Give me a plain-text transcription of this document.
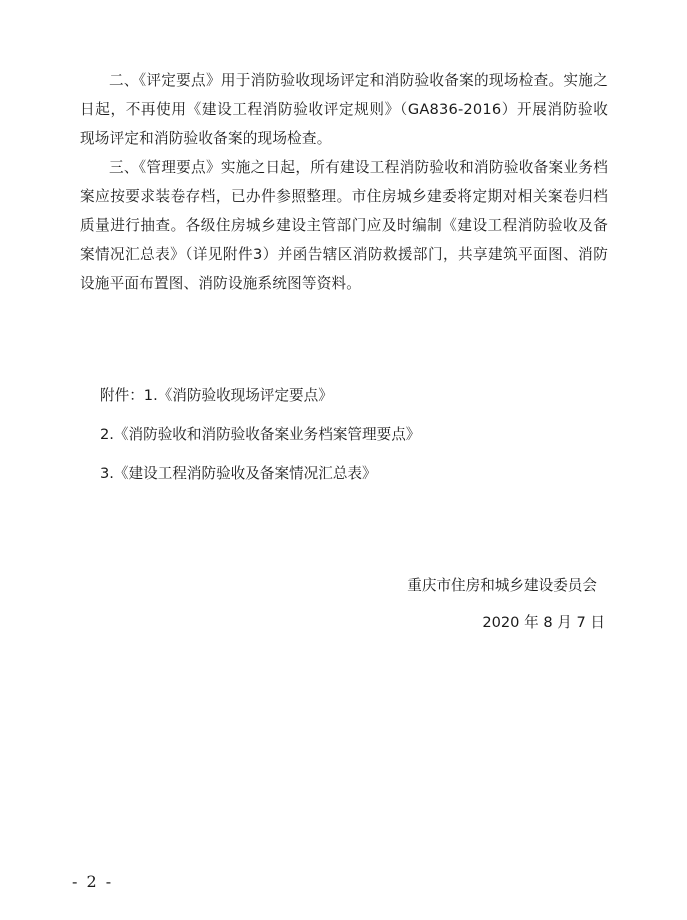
二、《评定要点》用于消防验收现场评定和消防验收备案的现场检查。实施之日起，不再使用《建设工程消防验收评定规则》（GA836-2016）开展消防验收现场评定和消防验收备案的现场检查。

三、《管理要点》实施之日起，所有建设工程消防验收和消防验收备案业务档案应按要求装卷存档，已办件参照整理。市住房城乡建委将定期对相关案卷归档质量进行抽查。各级住房城乡建设主管部门应及时编制《建设工程消防验收及备案情况汇总表》（详见附件3）并函告辖区消防救援部门，共享建筑平面图、消防设施平面布置图、消防设施系统图等资料。

附件：1.《消防验收现场评定要点》

2.《消防验收和消防验收备案业务档案管理要点》

3.《建设工程消防验收及备案情况汇总表》

重庆市住房和城乡建设委员会

2020 年 8 月 7 日

- 2 -
